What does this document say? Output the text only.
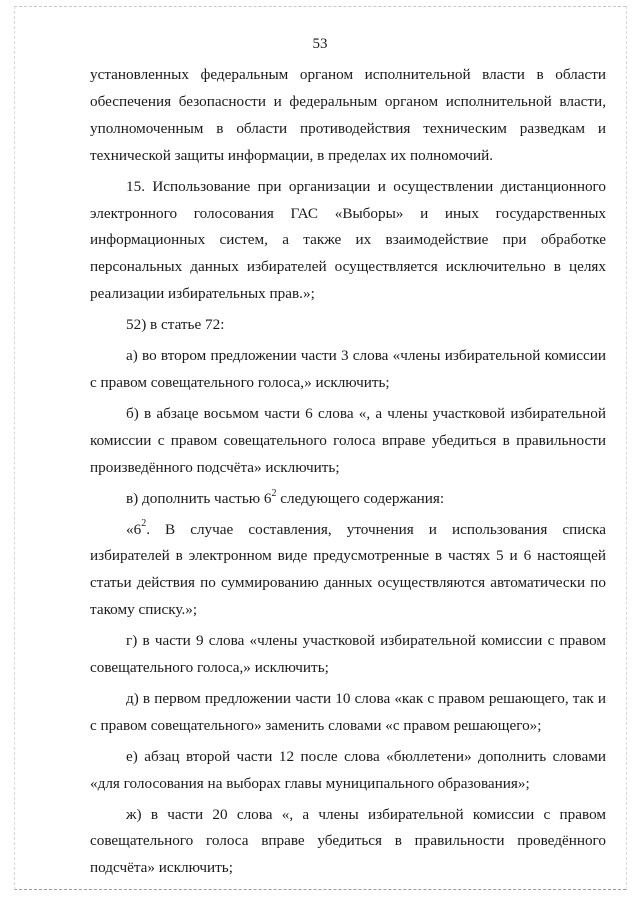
53

установленных федеральным органом исполнительной власти в области обеспечения безопасности и федеральным органом исполнительной власти, уполномоченным в области противодействия техническим разведкам и технической защиты информации, в пределах их полномочий.

15. Использование при организации и осуществлении дистанционного электронного голосования ГАС «Выборы» и иных государственных информационных систем, а также их взаимодействие при обработке персональных данных избирателей осуществляется исключительно в целях реализации избирательных прав.»;

52) в статье 72:

а) во втором предложении части 3 слова «члены избирательной комиссии с правом совещательного голоса,» исключить;

б) в абзаце восьмом части 6 слова «, а члены участковой избирательной комиссии с правом совещательного голоса вправе убедиться в правильности произведённого подсчёта» исключить;

в) дополнить частью $6^2$ следующего содержания:

«$6^2$. В случае составления, уточнения и использования списка избирателей в электронном виде предусмотренные в частях 5 и 6 настоящей статьи действия по суммированию данных осуществляются автоматически по такому списку.»;

г) в части 9 слова «члены участковой избирательной комиссии с правом совещательного голоса,» исключить;

д) в первом предложении части 10 слова «как с правом решающего, так и с правом совещательного» заменить словами «с правом решающего»;

е) абзац второй части 12 после слова «бюллетени» дополнить словами «для голосования на выборах главы муниципального образования»;

ж) в части 20 слова «, а члены избирательной комиссии с правом совещательного голоса вправе убедиться в правильности проведённого подсчёта» исключить;
